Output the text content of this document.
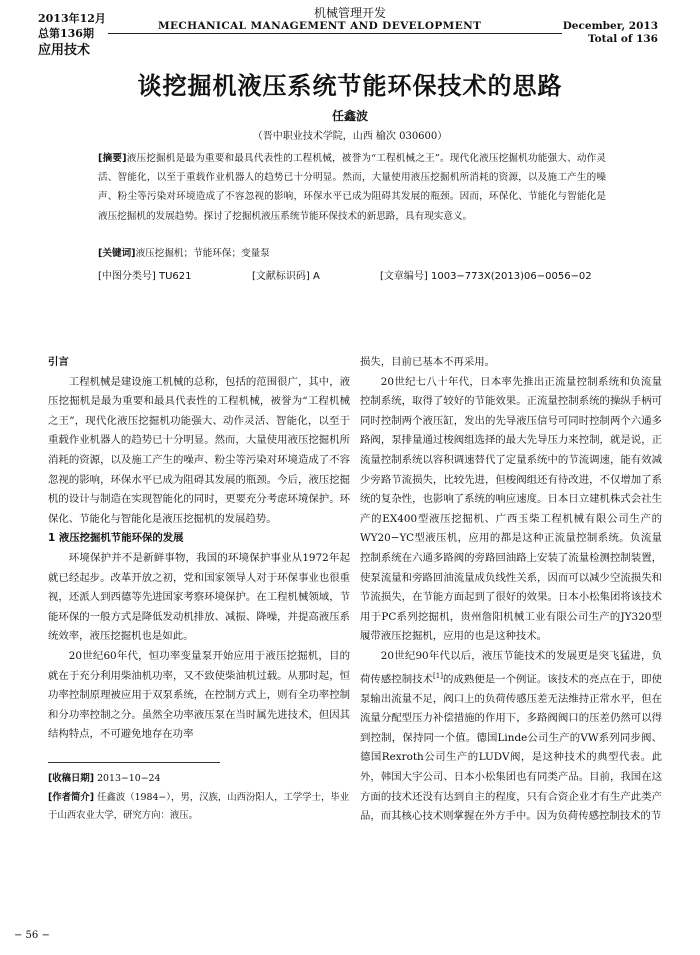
2013年12月
总第136期
应用技术
机械管理开发
MECHANICAL MANAGEMENT AND DEVELOPMENT	December, 2013
Total of 136
谈挖掘机液压系统节能环保技术的思路
任鑫波
（晋中职业技术学院，山西 榆次 030600）
[摘要]液压挖掘机是最为重要和最具代表性的工程机械，被誉为“工程机械之王”。现代化液压挖掘机功能强大、动作灵活、智能化，以至于重载作业机器人的趋势已十分明显。然而，大量使用液压挖掘机所消耗的资源，以及施工产生的噪声、粉尘等污染对环境造成了不容忽视的影响，环保水平已成为阻碍其发展的瓶颈。因而，环保化、节能化与智能化是液压挖掘机的发展趋势。探讨了挖掘机液压系统节能环保技术的新思路，具有现实意义。
[关键词]液压挖掘机；节能环保；变量泵
[中图分类号] TU621	[文献标识码] A	[文章编号] 1003−773X(2013)06−0056−02
引言

工程机械是建设施工机械的总称，包括的范围很广，其中，液压挖掘机是最为重要和最具代表性的工程机械，被誉为“工程机械之王”，现代化液压挖掘机功能强大、动作灵活、智能化，以至于重载作业机器人的趋势已十分明显。然而，大量使用液压挖掘机所消耗的资源，以及施工产生的噪声、粉尘等污染对环境造成了不容忽视的影响，环保水平已成为阻碍其发展的瓶颈。今后，液压挖掘机的设计与制造在实现智能化的同时，更要充分考虑环境保护。环保化、节能化与智能化是液压挖掘机的发展趋势。

1 液压挖掘机节能环保的发展

环境保护并不是新鲜事物，我国的环境保护事业从1972年起就已经起步。改革开放之初，党和国家领导人对于环保事业也很重视，还派人到西德等先进国家考察环境保护。在工程机械领域，节能环保的一般方式是降低发动机排放、减振、降噪，并提高液压系统效率，液压挖掘机也是如此。

20世纪60年代，恒功率变量泵开始应用于液压挖掘机，目的就在于充分利用柴油机功率，又不致使柴油机过载。从那时起，恒功率控制原理被应用于双泵系统，在控制方式上，则有全功率控制和分功率控制之分。虽然全功率液压泵在当时属先进技术，但因其结构特点，不可避免地存在功率

损失，目前已基本不再采用。

20世纪七八十年代，日本率先推出正流量控制系统和负流量控制系统，取得了较好的节能效果。正流量控制系统的操纵手柄可同时控制两个液压缸，发出的先导液压信号可同时控制两个六通多路阀，泵排量通过梭阀组选择的最大先导压力来控制，就是说，正流量控制系统以容积调速替代了定量系统中的节流调速，能有效减少旁路节流损失，比较先进，但梭阀组还有待改进，不仅增加了系统的复杂性，也影响了系统的响应速度。日本日立建机株式会社生产的EX400型液压挖掘机、广西玉柴工程机械有限公司生产的WY20−YC型液压机，应用的都是这种正流量控制系统。负流量控制系统在六通多路阀的旁路回油路上安装了流量检测控制装置，使泵流量和旁路回油流量成负线性关系，因而可以减少空流损失和节流损失，在节能方面起到了很好的效果。日本小松集团将该技术用于PC系列挖掘机，贵州詹阳机械工业有限公司生产的JY320型履带液压挖掘机，应用的也是这种技术。

20世纪90年代以后，液压节能技术的发展更是突飞猛进，负荷传感控制技术[1]的成熟便是一个例证。该技术的亮点在于，即使泵输出流量不足，阀口上的负荷传感压差无法维持正常水平，但在流量分配型压力补偿措施的作用下，多路阀阀口的压差仍然可以得到控制，保持同一个值。德国Linde公司生产的VW系列同步阀、德国Rexroth公司生产的LUDV阀，是这种技术的典型代表。此外，韩国大宇公司、日本小松集团也有同类产品。目前，我国在这方面的技术还没有达到自主的程度，只有合资企业才有生产此类产品，而其核心技术则掌握在外方手中。因为负荷传感控制技术的节

[收稿日期] 2013−10−24

[作者简介] 任鑫波（1984−），男，汉族，山西汾阳人，工学学士，毕业于山西农业大学，研究方向：液压。

− 56 −
